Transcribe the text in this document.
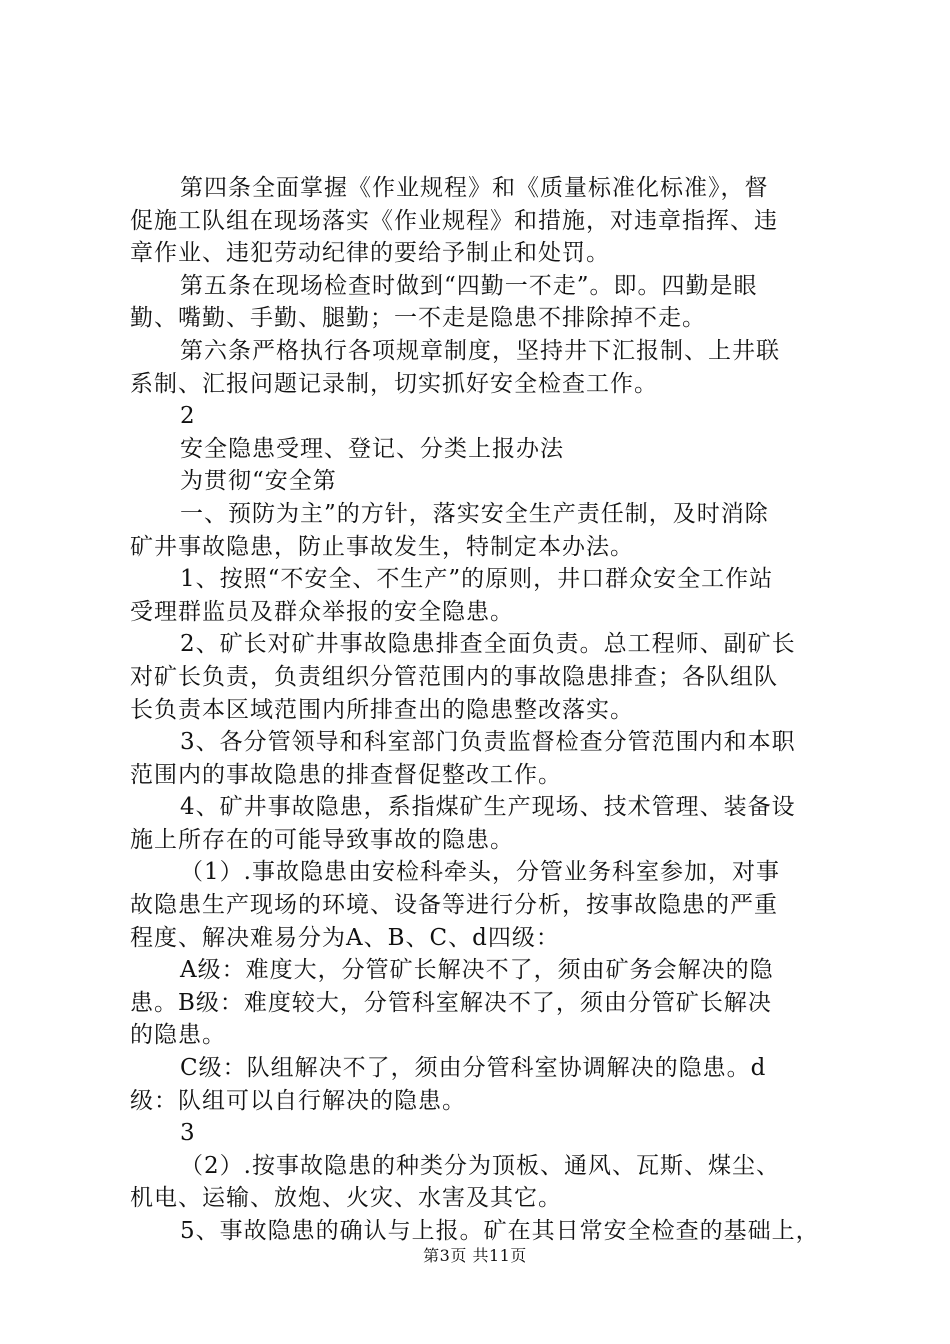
第四条全面掌握《作业规程》和《质量标准化标准》，督
促施工队组在现场落实《作业规程》和措施，对违章指挥、违
章作业、违犯劳动纪律的要给予制止和处罚。
第五条在现场检查时做到“四勤一不走”。即。四勤是眼
勤、嘴勤、手勤、腿勤；一不走是隐患不排除掉不走。
第六条严格执行各项规章制度，坚持井下汇报制、上井联
系制、汇报问题记录制，切实抓好安全检查工作。
2
安全隐患受理、登记、分类上报办法
为贯彻“安全第
一、预防为主”的方针，落实安全生产责任制，及时消除
矿井事故隐患，防止事故发生，特制定本办法。
1、按照“不安全、不生产”的原则，井口群众安全工作站
受理群监员及群众举报的安全隐患。
2、矿长对矿井事故隐患排查全面负责。总工程师、副矿长
对矿长负责，负责组织分管范围内的事故隐患排查；各队组队
长负责本区域范围内所排查出的隐患整改落实。
3、各分管领导和科室部门负责监督检查分管范围内和本职
范围内的事故隐患的排查督促整改工作。
4、矿井事故隐患，系指煤矿生产现场、技术管理、装备设
施上所存在的可能导致事故的隐患。
（1）.事故隐患由安检科牵头，分管业务科室参加，对事
故隐患生产现场的环境、设备等进行分析，按事故隐患的严重
程度、解决难易分为A、B、C、d四级：
A级：难度大，分管矿长解决不了，须由矿务会解决的隐
患。B级：难度较大，分管科室解决不了，须由分管矿长解决
的隐患。
C级：队组解决不了，须由分管科室协调解决的隐患。d
级：队组可以自行解决的隐患。
3
（2）.按事故隐患的种类分为顶板、通风、瓦斯、煤尘、
机电、运输、放炮、火灾、水害及其它。
5、事故隐患的确认与上报。矿在其日常安全检查的基础上，
第3页 共11页
